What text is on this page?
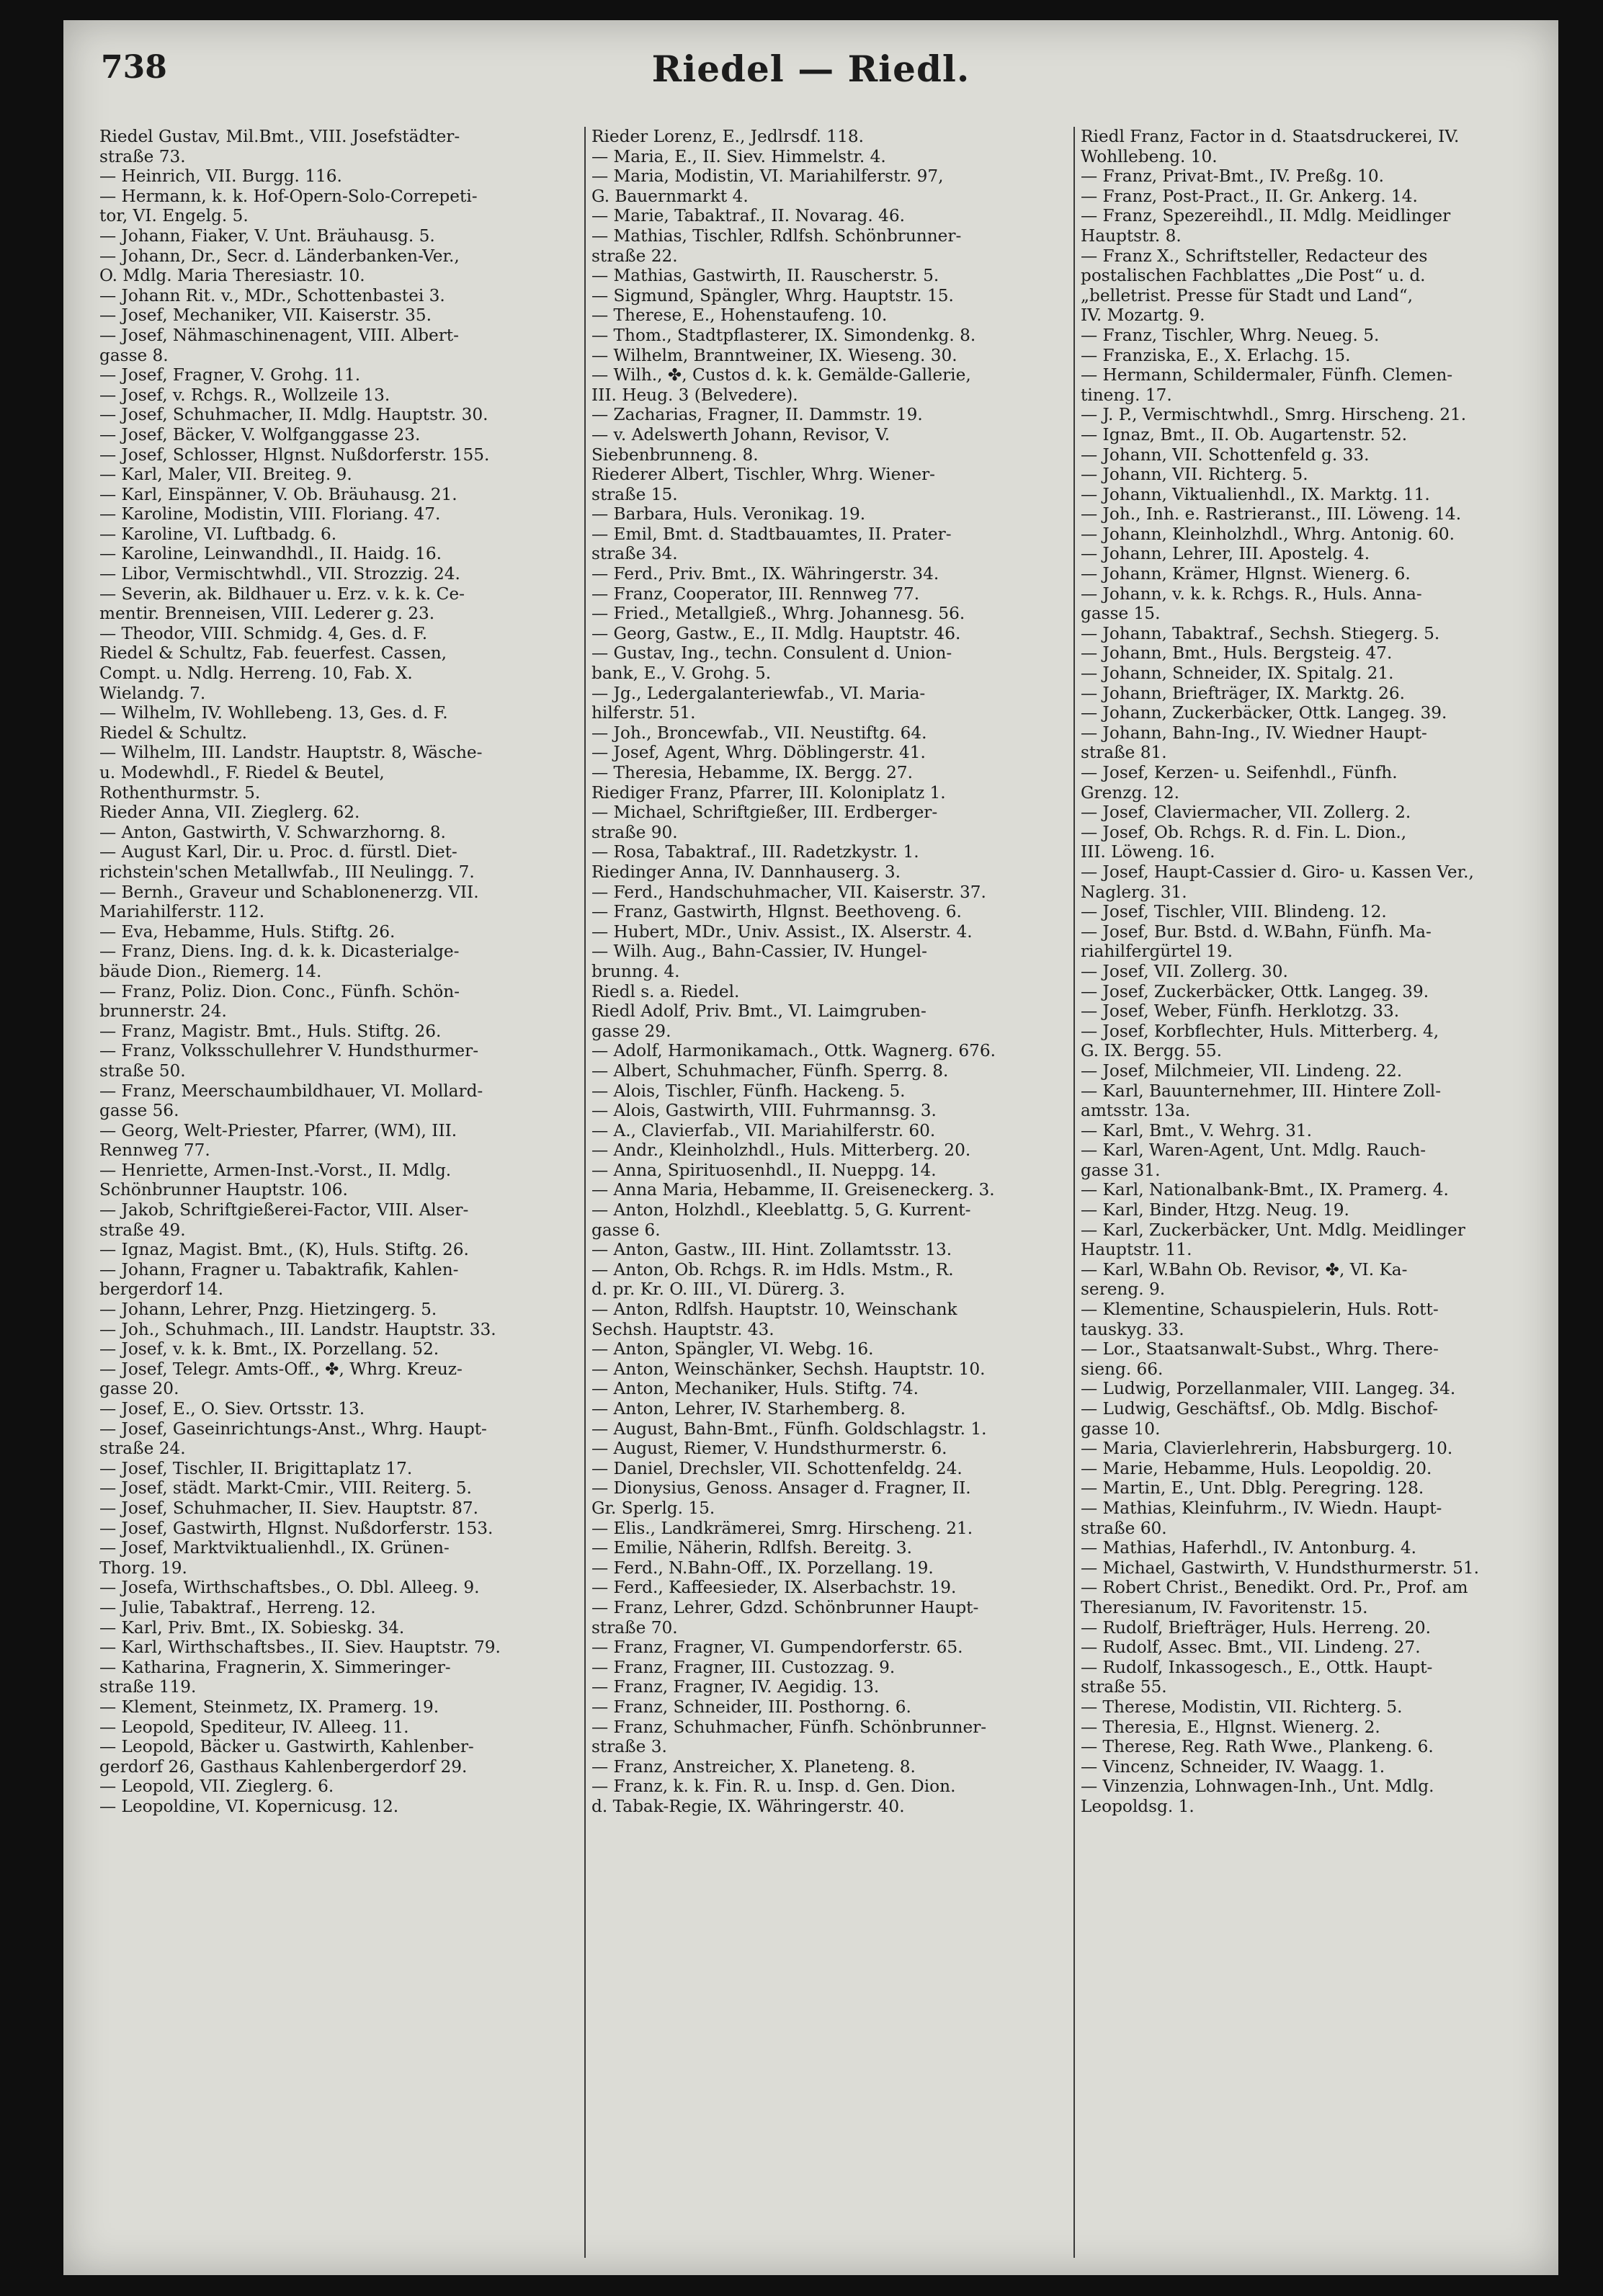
738	Riedel — Riedl.
Riedel Gustav, Mil.Bmt., VIII. Josefstädter-
straße 73.
— Heinrich, VII. Burgg. 116.
— Hermann, k. k. Hof-Opern-Solo-Correpeti-
tor, VI. Engelg. 5.
— Johann, Fiaker, V. Unt. Bräuhausg. 5.
— Johann, Dr., Secr. d. Länderbanken-Ver.,
O. Mdlg. Maria Theresiastr. 10.
— Johann Rit. v., MDr., Schottenbastei 3.
— Josef, Mechaniker, VII. Kaiserstr. 35.
— Josef, Nähmaschinenagent, VIII. Albert-
gasse 8.
— Josef, Fragner, V. Grohg. 11.
— Josef, v. Rchgs. R., Wollzeile 13.
— Josef, Schuhmacher, II. Mdlg. Hauptstr. 30.
— Josef, Bäcker, V. Wolfganggasse 23.
— Josef, Schlosser, Hlgnst. Nußdorferstr. 155.
— Karl, Maler, VII. Breiteg. 9.
— Karl, Einspänner, V. Ob. Bräuhausg. 21.
— Karoline, Modistin, VIII. Floriang. 47.
— Karoline, VI. Luftbadg. 6.
— Karoline, Leinwandhdl., II. Haidg. 16.
— Libor, Vermischtwhdl., VII. Strozzig. 24.
— Severin, ak. Bildhauer u. Erz. v. k. k. Ce-
mentir. Brenneisen, VIII. Lederer g. 23.
— Theodor, VIII. Schmidg. 4, Ges. d. F.
Riedel & Schultz, Fab. feuerfest. Cassen,
Compt. u. Ndlg. Herreng. 10, Fab. X.
Wielandg. 7.
— Wilhelm, IV. Wohllebeng. 13, Ges. d. F.
Riedel & Schultz.
— Wilhelm, III. Landstr. Hauptstr. 8, Wäsche-
u. Modewhdl., F. Riedel & Beutel,
Rothenthurmstr. 5.
Rieder Anna, VII. Zieglerg. 62.
— Anton, Gastwirth, V. Schwarzhorng. 8.
— August Karl, Dir. u. Proc. d. fürstl. Diet-
richstein'schen Metallwfab., III Neulingg. 7.
— Bernh., Graveur und Schablonenerzg. VII.
Mariahilferstr. 112.
— Eva, Hebamme, Huls. Stiftg. 26.
— Franz, Diens. Ing. d. k. k. Dicasterialge-
bäude Dion., Riemerg. 14.
— Franz, Poliz. Dion. Conc., Fünfh. Schön-
brunnerstr. 24.
— Franz, Magistr. Bmt., Huls. Stiftg. 26.
— Franz, Volksschullehrer V. Hundsthurmer-
straße 50.
— Franz, Meerschaumbildhauer, VI. Mollard-
gasse 56.
— Georg, Welt-Priester, Pfarrer, (WM), III.
Rennweg 77.
— Henriette, Armen-Inst.-Vorst., II. Mdlg.
Schönbrunner Hauptstr. 106.
— Jakob, Schriftgießerei-Factor, VIII. Alser-
straße 49.
— Ignaz, Magist. Bmt., (K), Huls. Stiftg. 26.
— Johann, Fragner u. Tabaktrafik, Kahlen-
bergerdorf 14.
— Johann, Lehrer, Pnzg. Hietzingerg. 5.
— Joh., Schuhmach., III. Landstr. Hauptstr. 33.
— Josef, v. k. k. Bmt., IX. Porzellang. 52.
— Josef, Telegr. Amts-Off., ✤, Whrg. Kreuz-
gasse 20.
— Josef, E., O. Siev. Ortsstr. 13.
— Josef, Gaseinrichtungs-Anst., Whrg. Haupt-
straße 24.
— Josef, Tischler, II. Brigittaplatz 17.
— Josef, städt. Markt-Cmir., VIII. Reiterg. 5.
— Josef, Schuhmacher, II. Siev. Hauptstr. 87.
— Josef, Gastwirth, Hlgnst. Nußdorferstr. 153.
— Josef, Marktviktualienhdl., IX. Grünen-
Thorg. 19.
— Josefa, Wirthschaftsbes., O. Dbl. Alleeg. 9.
— Julie, Tabaktraf., Herreng. 12.
— Karl, Priv. Bmt., IX. Sobieskg. 34.
— Karl, Wirthschaftsbes., II. Siev. Hauptstr. 79.
— Katharina, Fragnerin, X. Simmeringer-
straße 119.
— Klement, Steinmetz, IX. Pramerg. 19.
— Leopold, Spediteur, IV. Alleeg. 11.
— Leopold, Bäcker u. Gastwirth, Kahlenber-
gerdorf 26, Gasthaus Kahlenbergerdorf 29.
— Leopold, VII. Zieglerg. 6.
— Leopoldine, VI. Kopernicusg. 12.
Rieder Lorenz, E., Jedlrsdf. 118.
— Maria, E., II. Siev. Himmelstr. 4.
— Maria, Modistin, VI. Mariahilferstr. 97,
G. Bauernmarkt 4.
— Marie, Tabaktraf., II. Novarag. 46.
— Mathias, Tischler, Rdlfsh. Schönbrunner-
straße 22.
— Mathias, Gastwirth, II. Rauscherstr. 5.
— Sigmund, Spängler, Whrg. Hauptstr. 15.
— Therese, E., Hohenstaufeng. 10.
— Thom., Stadtpflasterer, IX. Simondenkg. 8.
— Wilhelm, Branntweiner, IX. Wieseng. 30.
— Wilh., ✤, Custos d. k. k. Gemälde-Gallerie,
III. Heug. 3 (Belvedere).
— Zacharias, Fragner, II. Dammstr. 19.
— v. Adelswerth Johann, Revisor, V.
Siebenbrunneng. 8.
Riederer Albert, Tischler, Whrg. Wiener-
straße 15.
— Barbara, Huls. Veronikag. 19.
— Emil, Bmt. d. Stadtbauamtes, II. Prater-
straße 34.
— Ferd., Priv. Bmt., IX. Währingerstr. 34.
— Franz, Cooperator, III. Rennweg 77.
— Fried., Metallgieß., Whrg. Johannesg. 56.
— Georg, Gastw., E., II. Mdlg. Hauptstr. 46.
— Gustav, Ing., techn. Consulent d. Union-
bank, E., V. Grohg. 5.
— Jg., Ledergalanteriewfab., VI. Maria-
hilferstr. 51.
— Joh., Broncewfab., VII. Neustiftg. 64.
— Josef, Agent, Whrg. Döblingerstr. 41.
— Theresia, Hebamme, IX. Bergg. 27.
Riediger Franz, Pfarrer, III. Koloniplatz 1.
— Michael, Schriftgießer, III. Erdberger-
straße 90.
— Rosa, Tabaktraf., III. Radetzkystr. 1.
Riedinger Anna, IV. Dannhauserg. 3.
— Ferd., Handschuhmacher, VII. Kaiserstr. 37.
— Franz, Gastwirth, Hlgnst. Beethoveng. 6.
— Hubert, MDr., Univ. Assist., IX. Alserstr. 4.
— Wilh. Aug., Bahn-Cassier, IV. Hungel-
brunng. 4.
Riedl s. a. Riedel.
Riedl Adolf, Priv. Bmt., VI. Laimgruben-
gasse 29.
— Adolf, Harmonikamach., Ottk. Wagnerg. 676.
— Albert, Schuhmacher, Fünfh. Sperrg. 8.
— Alois, Tischler, Fünfh. Hackeng. 5.
— Alois, Gastwirth, VIII. Fuhrmannsg. 3.
— A., Clavierfab., VII. Mariahilferstr. 60.
— Andr., Kleinholzhdl., Huls. Mitterberg. 20.
— Anna, Spirituosenhdl., II. Nueppg. 14.
— Anna Maria, Hebamme, II. Greiseneckerg. 3.
— Anton, Holzhdl., Kleeblattg. 5, G. Kurrent-
gasse 6.
— Anton, Gastw., III. Hint. Zollamtsstr. 13.
— Anton, Ob. Rchgs. R. im Hdls. Mstm., R.
d. pr. Kr. O. III., VI. Dürerg. 3.
— Anton, Rdlfsh. Hauptstr. 10, Weinschank
Sechsh. Hauptstr. 43.
— Anton, Spängler, VI. Webg. 16.
— Anton, Weinschänker, Sechsh. Hauptstr. 10.
— Anton, Mechaniker, Huls. Stiftg. 74.
— Anton, Lehrer, IV. Starhemberg. 8.
— August, Bahn-Bmt., Fünfh. Goldschlagstr. 1.
— August, Riemer, V. Hundsthurmerstr. 6.
— Daniel, Drechsler, VII. Schottenfeldg. 24.
— Dionysius, Genoss. Ansager d. Fragner, II.
Gr. Sperlg. 15.
— Elis., Landkrämerei, Smrg. Hirscheng. 21.
— Emilie, Näherin, Rdlfsh. Bereitg. 3.
— Ferd., N.Bahn-Off., IX. Porzellang. 19.
— Ferd., Kaffeesieder, IX. Alserbachstr. 19.
— Franz, Lehrer, Gdzd. Schönbrunner Haupt-
straße 70.
— Franz, Fragner, VI. Gumpendorferstr. 65.
— Franz, Fragner, III. Custozzag. 9.
— Franz, Fragner, IV. Aegidig. 13.
— Franz, Schneider, III. Posthorng. 6.
— Franz, Schuhmacher, Fünfh. Schönbrunner-
straße 3.
— Franz, Anstreicher, X. Planeteng. 8.
— Franz, k. k. Fin. R. u. Insp. d. Gen. Dion.
d. Tabak-Regie, IX. Währingerstr. 40.
Riedl Franz, Factor in d. Staatsdruckerei, IV.
Wohllebeng. 10.
— Franz, Privat-Bmt., IV. Preßg. 10.
— Franz, Post-Pract., II. Gr. Ankerg. 14.
— Franz, Spezereihdl., II. Mdlg. Meidlinger
Hauptstr. 8.
— Franz X., Schriftsteller, Redacteur des
postalischen Fachblattes „Die Post“ u. d.
„belletrist. Presse für Stadt und Land“,
IV. Mozartg. 9.
— Franz, Tischler, Whrg. Neueg. 5.
— Franziska, E., X. Erlachg. 15.
— Hermann, Schildermaler, Fünfh. Clemen-
tineng. 17.
— J. P., Vermischtwhdl., Smrg. Hirscheng. 21.
— Ignaz, Bmt., II. Ob. Augartenstr. 52.
— Johann, VII. Schottenfeld g. 33.
— Johann, VII. Richterg. 5.
— Johann, Viktualienhdl., IX. Marktg. 11.
— Joh., Inh. e. Rastrieranst., III. Löweng. 14.
— Johann, Kleinholzhdl., Whrg. Antonig. 60.
— Johann, Lehrer, III. Apostelg. 4.
— Johann, Krämer, Hlgnst. Wienerg. 6.
— Johann, v. k. k. Rchgs. R., Huls. Anna-
gasse 15.
— Johann, Tabaktraf., Sechsh. Stiegerg. 5.
— Johann, Bmt., Huls. Bergsteig. 47.
— Johann, Schneider, IX. Spitalg. 21.
— Johann, Briefträger, IX. Marktg. 26.
— Johann, Zuckerbäcker, Ottk. Langeg. 39.
— Johann, Bahn-Ing., IV. Wiedner Haupt-
straße 81.
— Josef, Kerzen- u. Seifenhdl., Fünfh.
Grenzg. 12.
— Josef, Claviermacher, VII. Zollerg. 2.
— Josef, Ob. Rchgs. R. d. Fin. L. Dion.,
III. Löweng. 16.
— Josef, Haupt-Cassier d. Giro- u. Kassen Ver.,
Naglerg. 31.
— Josef, Tischler, VIII. Blindeng. 12.
— Josef, Bur. Bstd. d. W.Bahn, Fünfh. Ma-
riahilfergürtel 19.
— Josef, VII. Zollerg. 30.
— Josef, Zuckerbäcker, Ottk. Langeg. 39.
— Josef, Weber, Fünfh. Herklotzg. 33.
— Josef, Korbflechter, Huls. Mitterberg. 4,
G. IX. Bergg. 55.
— Josef, Milchmeier, VII. Lindeng. 22.
— Karl, Bauunternehmer, III. Hintere Zoll-
amtsstr. 13a.
— Karl, Bmt., V. Wehrg. 31.
— Karl, Waren-Agent, Unt. Mdlg. Rauch-
gasse 31.
— Karl, Nationalbank-Bmt., IX. Pramerg. 4.
— Karl, Binder, Htzg. Neug. 19.
— Karl, Zuckerbäcker, Unt. Mdlg. Meidlinger
Hauptstr. 11.
— Karl, W.Bahn Ob. Revisor, ✤, VI. Ka-
sereng. 9.
— Klementine, Schauspielerin, Huls. Rott-
tauskyg. 33.
— Lor., Staatsanwalt-Subst., Whrg. There-
sieng. 66.
— Ludwig, Porzellanmaler, VIII. Langeg. 34.
— Ludwig, Geschäftsf., Ob. Mdlg. Bischof-
gasse 10.
— Maria, Clavierlehrerin, Habsburgerg. 10.
— Marie, Hebamme, Huls. Leopoldig. 20.
— Martin, E., Unt. Dblg. Peregring. 128.
— Mathias, Kleinfuhrm., IV. Wiedn. Haupt-
straße 60.
— Mathias, Haferhdl., IV. Antonburg. 4.
— Michael, Gastwirth, V. Hundsthurmerstr. 51.
— Robert Christ., Benedikt. Ord. Pr., Prof. am
Theresianum, IV. Favoritenstr. 15.
— Rudolf, Briefträger, Huls. Herreng. 20.
— Rudolf, Assec. Bmt., VII. Lindeng. 27.
— Rudolf, Inkassogesch., E., Ottk. Haupt-
straße 55.
— Therese, Modistin, VII. Richterg. 5.
— Theresia, E., Hlgnst. Wienerg. 2.
— Therese, Reg. Rath Wwe., Plankeng. 6.
— Vincenz, Schneider, IV. Waagg. 1.
— Vinzenzia, Lohnwagen-Inh., Unt. Mdlg.
Leopoldsg. 1.
